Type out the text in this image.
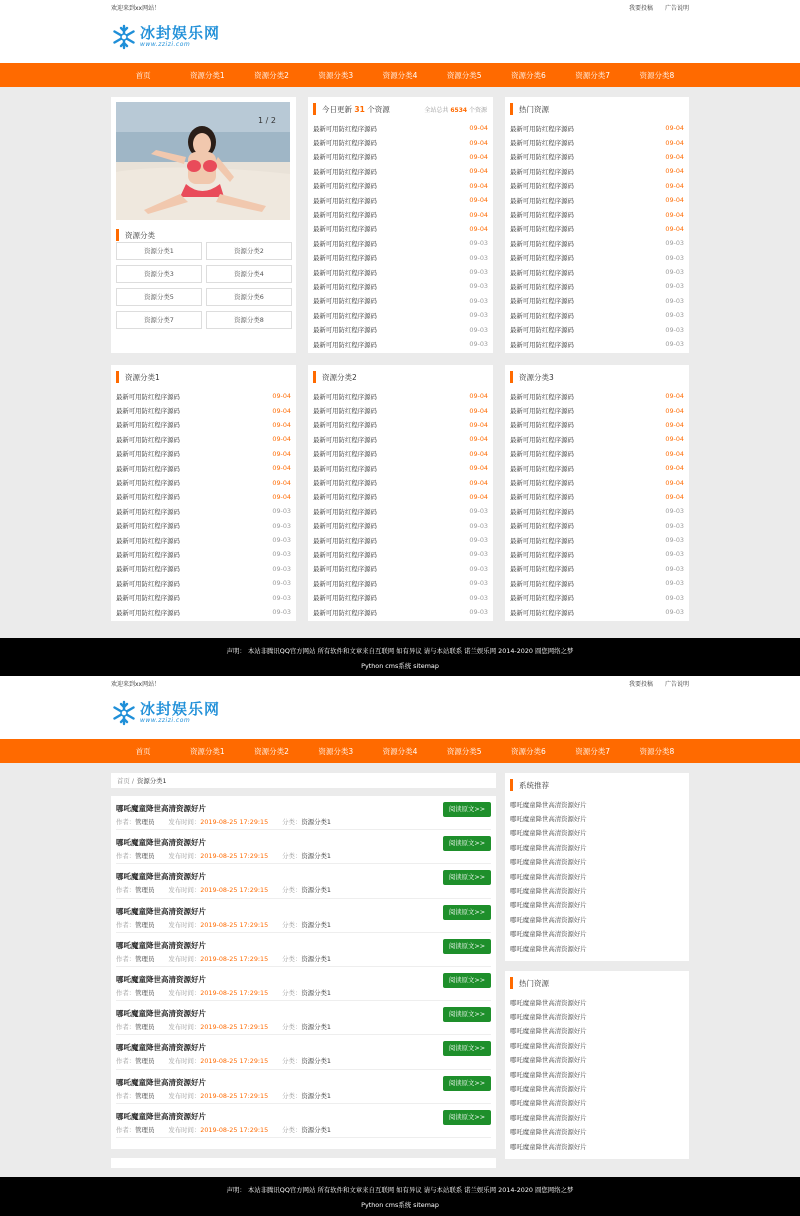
欢迎来到xx网站！	我要投稿 广告说明
冰封娱乐网
www.zzizi.com
首页	资源分类1	资源分类2	资源分类3	资源分类4	资源分类5	资源分类6	资源分类7	资源分类8
1 / 2
资源分类
资源分类1	资源分类2
资源分类3	资源分类4
资源分类5	资源分类6
资源分类7	资源分类8
今日更新 31 个资源	全站总共 6534 个资源
最新可用防红程序源码	09-04
最新可用防红程序源码	09-04
最新可用防红程序源码	09-04
最新可用防红程序源码	09-04
最新可用防红程序源码	09-04
最新可用防红程序源码	09-04
最新可用防红程序源码	09-04
最新可用防红程序源码	09-04
最新可用防红程序源码	09-03
最新可用防红程序源码	09-03
最新可用防红程序源码	09-03
最新可用防红程序源码	09-03
最新可用防红程序源码	09-03
最新可用防红程序源码	09-03
最新可用防红程序源码	09-03
最新可用防红程序源码	09-03
热门资源
最新可用防红程序源码	09-04
最新可用防红程序源码	09-04
最新可用防红程序源码	09-04
最新可用防红程序源码	09-04
最新可用防红程序源码	09-04
最新可用防红程序源码	09-04
最新可用防红程序源码	09-04
最新可用防红程序源码	09-04
最新可用防红程序源码	09-03
最新可用防红程序源码	09-03
最新可用防红程序源码	09-03
最新可用防红程序源码	09-03
最新可用防红程序源码	09-03
最新可用防红程序源码	09-03
最新可用防红程序源码	09-03
最新可用防红程序源码	09-03
资源分类1
最新可用防红程序源码	09-04
最新可用防红程序源码	09-04
最新可用防红程序源码	09-04
最新可用防红程序源码	09-04
最新可用防红程序源码	09-04
最新可用防红程序源码	09-04
最新可用防红程序源码	09-04
最新可用防红程序源码	09-04
最新可用防红程序源码	09-03
最新可用防红程序源码	09-03
最新可用防红程序源码	09-03
最新可用防红程序源码	09-03
最新可用防红程序源码	09-03
最新可用防红程序源码	09-03
最新可用防红程序源码	09-03
最新可用防红程序源码	09-03
资源分类2
最新可用防红程序源码	09-04
最新可用防红程序源码	09-04
最新可用防红程序源码	09-04
最新可用防红程序源码	09-04
最新可用防红程序源码	09-04
最新可用防红程序源码	09-04
最新可用防红程序源码	09-04
最新可用防红程序源码	09-04
最新可用防红程序源码	09-03
最新可用防红程序源码	09-03
最新可用防红程序源码	09-03
最新可用防红程序源码	09-03
最新可用防红程序源码	09-03
最新可用防红程序源码	09-03
最新可用防红程序源码	09-03
最新可用防红程序源码	09-03
资源分类3
最新可用防红程序源码	09-04
最新可用防红程序源码	09-04
最新可用防红程序源码	09-04
最新可用防红程序源码	09-04
最新可用防红程序源码	09-04
最新可用防红程序源码	09-04
最新可用防红程序源码	09-04
最新可用防红程序源码	09-04
最新可用防红程序源码	09-03
最新可用防红程序源码	09-03
最新可用防红程序源码	09-03
最新可用防红程序源码	09-03
最新可用防红程序源码	09-03
最新可用防红程序源码	09-03
最新可用防红程序源码	09-03
最新可用防红程序源码	09-03
声明： 本站非腾讯QQ官方网站 所有软件和文章来自互联网 如有异议 请与本站联系 诺兰娱乐网 2014-2020 圆您网络之梦
Python cms系统 sitemap
欢迎来到xx网站！	我要投稿 广告说明
冰封娱乐网
www.zzizi.com
首页	资源分类1	资源分类2	资源分类3	资源分类4	资源分类5	资源分类6	资源分类7	资源分类8
首页 / 资源分类1
哪吒魔童降世高清资源好片
作者：管理员 发布时间：2019-08-25 17:29:15 分类：资源分类1
阅读原文>>
哪吒魔童降世高清资源好片
作者：管理员 发布时间：2019-08-25 17:29:15 分类：资源分类1
阅读原文>>
哪吒魔童降世高清资源好片
作者：管理员 发布时间：2019-08-25 17:29:15 分类：资源分类1
阅读原文>>
哪吒魔童降世高清资源好片
作者：管理员 发布时间：2019-08-25 17:29:15 分类：资源分类1
阅读原文>>
哪吒魔童降世高清资源好片
作者：管理员 发布时间：2019-08-25 17:29:15 分类：资源分类1
阅读原文>>
哪吒魔童降世高清资源好片
作者：管理员 发布时间：2019-08-25 17:29:15 分类：资源分类1
阅读原文>>
哪吒魔童降世高清资源好片
作者：管理员 发布时间：2019-08-25 17:29:15 分类：资源分类1
阅读原文>>
哪吒魔童降世高清资源好片
作者：管理员 发布时间：2019-08-25 17:29:15 分类：资源分类1
阅读原文>>
哪吒魔童降世高清资源好片
作者：管理员 发布时间：2019-08-25 17:29:15 分类：资源分类1
阅读原文>>
哪吒魔童降世高清资源好片
作者：管理员 发布时间：2019-08-25 17:29:15 分类：资源分类1
阅读原文>>
系统推荐
哪吒魔童降世高清资源好片
哪吒魔童降世高清资源好片
哪吒魔童降世高清资源好片
哪吒魔童降世高清资源好片
哪吒魔童降世高清资源好片
哪吒魔童降世高清资源好片
哪吒魔童降世高清资源好片
哪吒魔童降世高清资源好片
哪吒魔童降世高清资源好片
哪吒魔童降世高清资源好片
哪吒魔童降世高清资源好片
热门资源
哪吒魔童降世高清资源好片
哪吒魔童降世高清资源好片
哪吒魔童降世高清资源好片
哪吒魔童降世高清资源好片
哪吒魔童降世高清资源好片
哪吒魔童降世高清资源好片
哪吒魔童降世高清资源好片
哪吒魔童降世高清资源好片
哪吒魔童降世高清资源好片
哪吒魔童降世高清资源好片
哪吒魔童降世高清资源好片
声明： 本站非腾讯QQ官方网站 所有软件和文章来自互联网 如有异议 请与本站联系 诺兰娱乐网 2014-2020 圆您网络之梦
Python cms系统 sitemap
